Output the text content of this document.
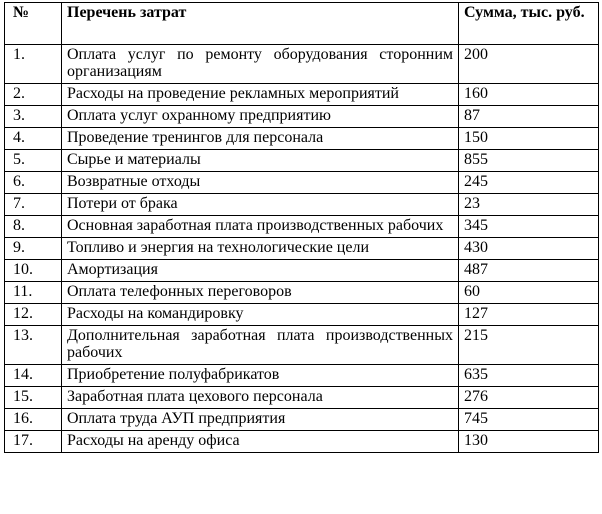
№	Перечень затрат	Сумма, тыс. руб.
1.	Оплата услуг по ремонту оборудования сторонним организациям	200
2.	Расходы на проведение рекламных мероприятий	160
3.	Оплата услуг охранному предприятию	87
4.	Проведение тренингов для персонала	150
5.	Сырье и материалы	855
6.	Возвратные отходы	245
7.	Потери от брака	23
8.	Основная заработная плата производственных рабочих	345
9.	Топливо и энергия на технологические цели	430
10.	Амортизация	487
11.	Оплата телефонных переговоров	60
12.	Расходы на командировку	127
13.	Дополнительная заработная плата производственных рабочих	215
14.	Приобретение полуфабрикатов	635
15.	Заработная плата цехового персонала	276
16.	Оплата труда АУП предприятия	745
17.	Расходы на аренду офиса	130
